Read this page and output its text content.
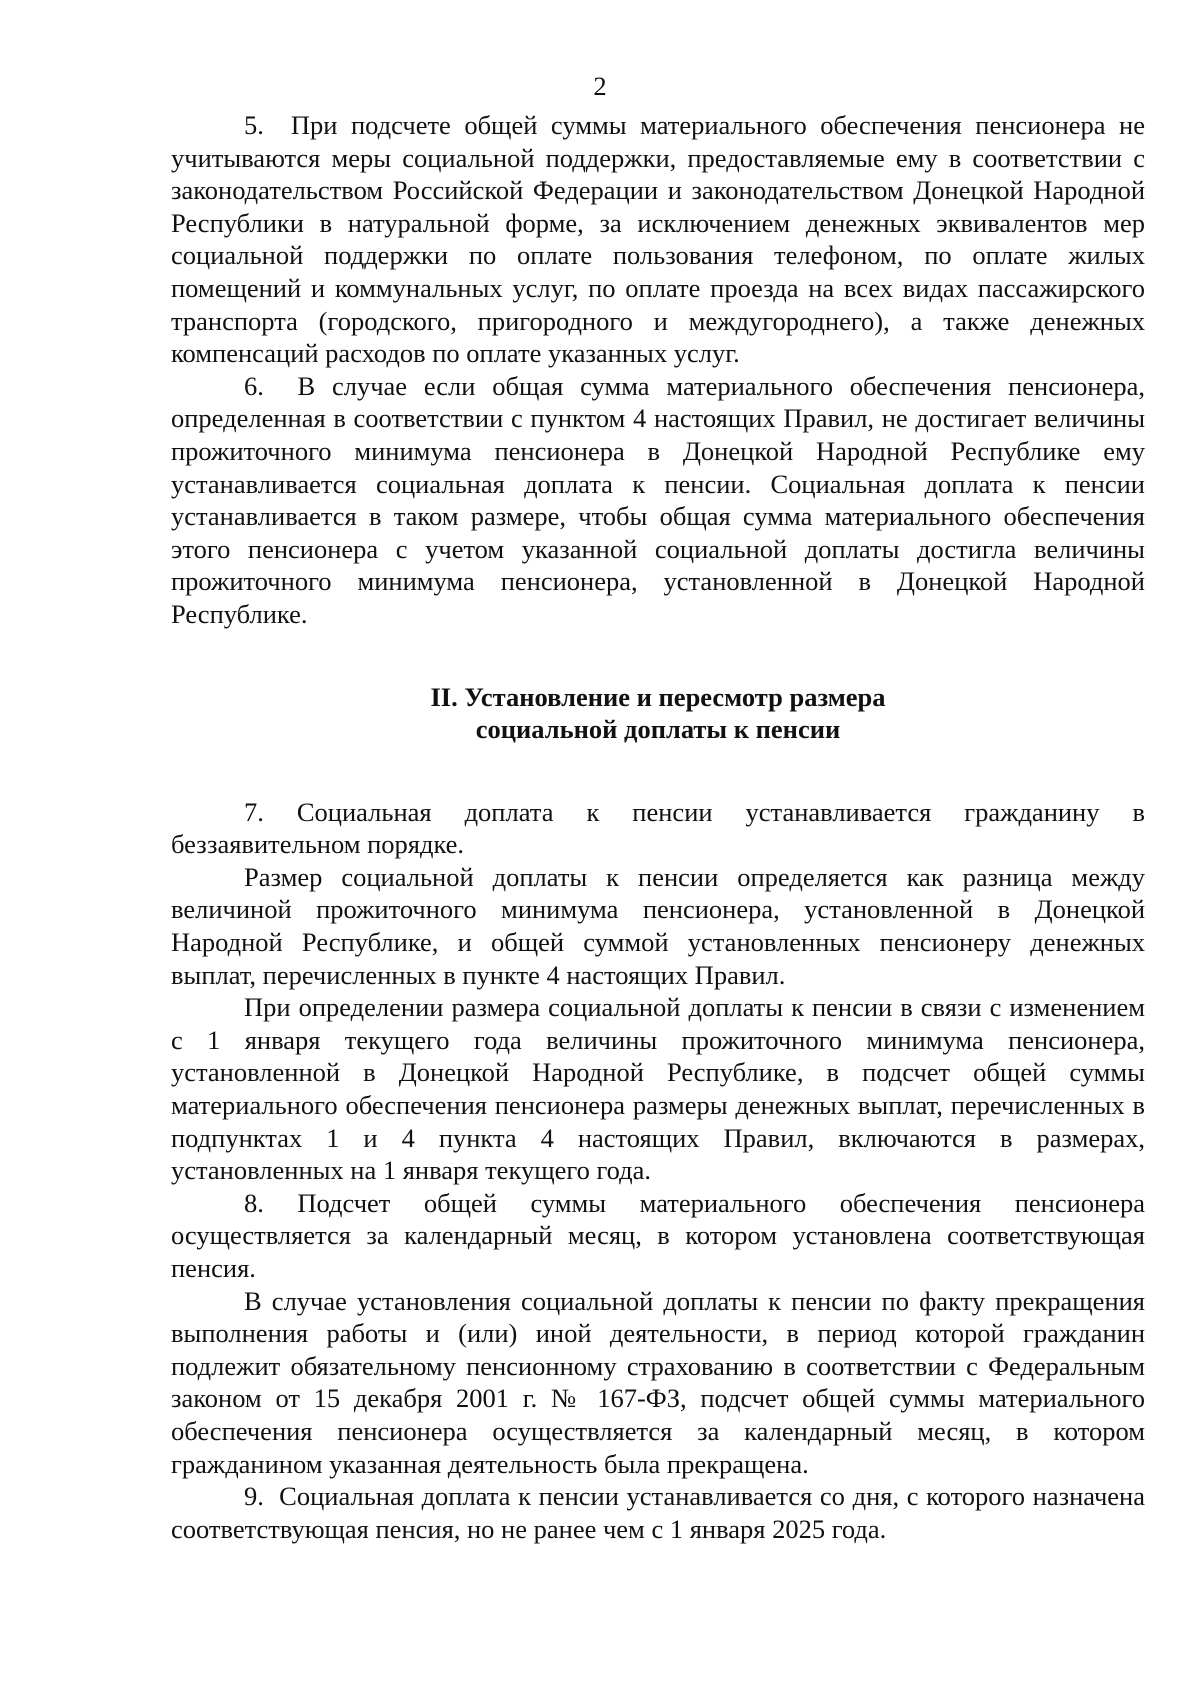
2

5.  При подсчете общей суммы материального обеспечения пенсионера не учитываются меры социальной поддержки, предоставляемые ему в соответствии с законодательством Российской Федерации и законодательством Донецкой Народной Республики в натуральной форме, за исключением денежных эквивалентов мер социальной поддержки по оплате пользования телефоном, по оплате жилых помещений и коммунальных услуг, по оплате проезда на всех видах пассажирского транспорта (городского, пригородного и междугороднего), а также денежных компенсаций расходов по оплате указанных услуг.

6.  В случае если общая сумма материального обеспечения пенсионера, определенная в соответствии с пунктом 4 настоящих Правил, не достигает величины прожиточного минимума пенсионера в Донецкой Народной Республике ему устанавливается социальная доплата к пенсии. Социальная доплата к пенсии устанавливается в таком размере, чтобы общая сумма материального обеспечения этого пенсионера с учетом указанной социальной доплаты достигла величины прожиточного минимума пенсионера, установленной в Донецкой Народной Республике.

II. Установление и пересмотр размера
социальной доплаты к пенсии

7. Социальная доплата к пенсии устанавливается гражданину в беззаявительном порядке.

Размер социальной доплаты к пенсии определяется как разница между величиной прожиточного минимума пенсионера, установленной в Донецкой Народной Республике, и общей суммой установленных пенсионеру денежных выплат, перечисленных в пункте 4 настоящих Правил.

При определении размера социальной доплаты к пенсии в связи с изменением с 1 января текущего года величины прожиточного минимума пенсионера, установленной в Донецкой Народной Республике, в подсчет общей суммы материального обеспечения пенсионера размеры денежных выплат, перечисленных в подпунктах 1 и 4 пункта 4 настоящих Правил, включаются в размерах, установленных на 1 января текущего года.

8. Подсчет общей суммы материального обеспечения пенсионера осуществляется за календарный месяц, в котором установлена соответствующая пенсия.

В случае установления социальной доплаты к пенсии по факту прекращения выполнения работы и (или) иной деятельности, в период которой гражданин подлежит обязательному пенсионному страхованию в соответствии с Федеральным законом от 15 декабря 2001 г. № 167-ФЗ, подсчет общей суммы материального обеспечения пенсионера осуществляется за календарный месяц, в котором гражданином указанная деятельность была прекращена.

9.  Социальная доплата к пенсии устанавливается со дня, с которого назначена соответствующая пенсия, но не ранее чем с 1 января 2025 года.
